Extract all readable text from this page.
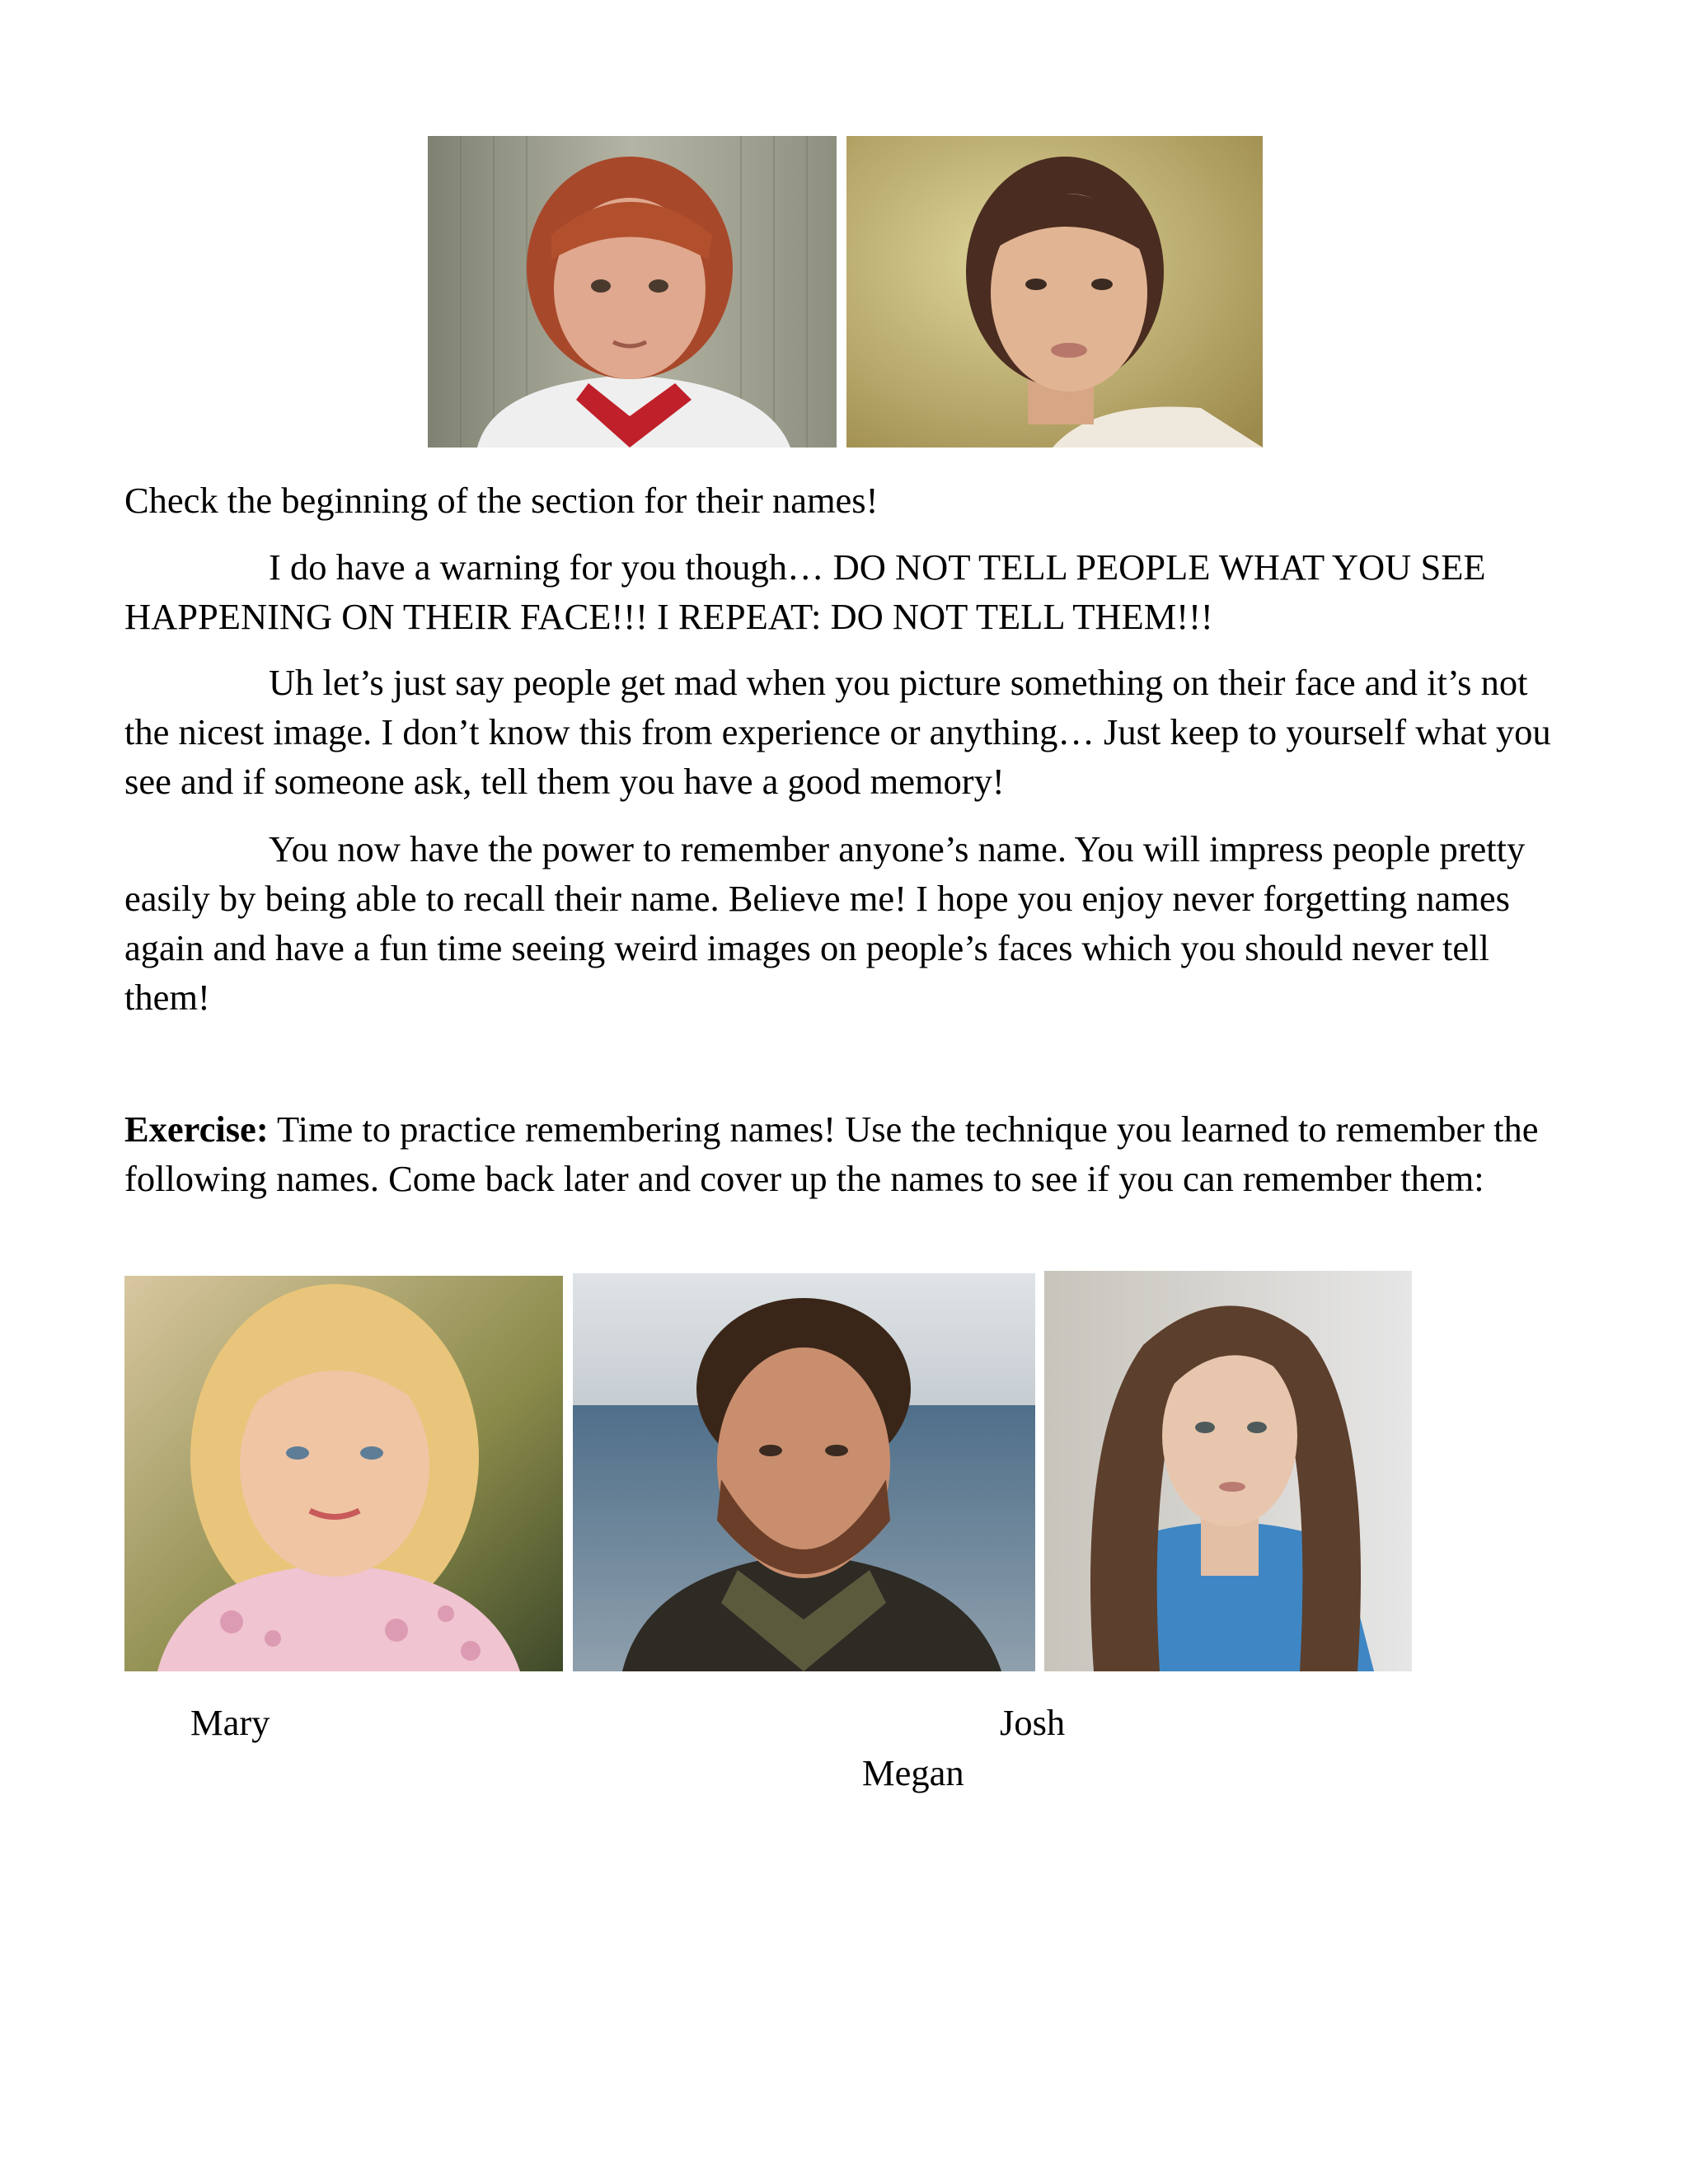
Check the beginning of the section for their names!

I do have a warning for you though… DO NOT TELL PEOPLE WHAT YOU SEE HAPPENING ON THEIR FACE!!! I REPEAT: DO NOT TELL THEM!!!

Uh let’s just say people get mad when you picture something on their face and it’s not the nicest image. I don’t know this from experience or anything… Just keep to yourself what you see and if someone ask, tell them you have a good memory!

You now have the power to remember anyone’s name. You will impress people pretty easily by being able to recall their name. Believe me! I hope you enjoy never forgetting names again and have a fun time seeing weird images on people’s faces which you should never tell them!

Exercise: Time to practice remembering names! Use the technique you learned to remember the following names. Come back later and cover up the names to see if you can remember them:

Mary	Josh
Megan
